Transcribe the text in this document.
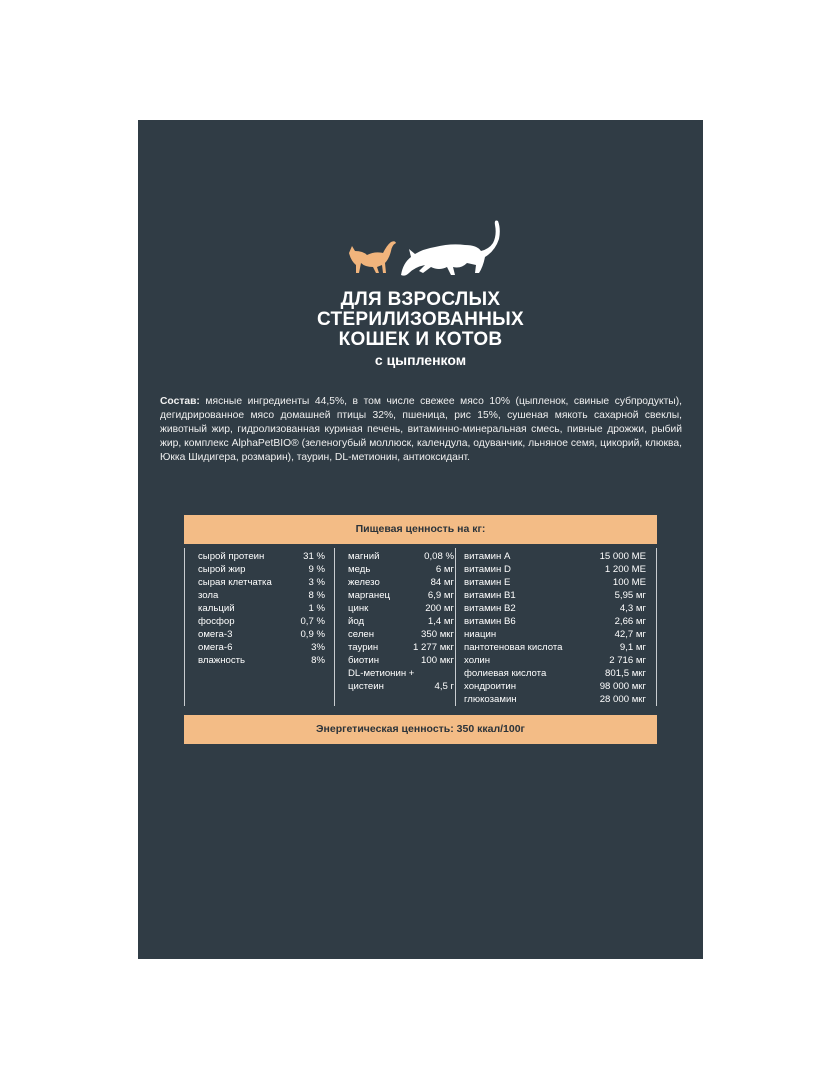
ДЛЯ ВЗРОСЛЫХ
СТЕРИЛИЗОВАННЫХ
КОШЕК И КОТОВ
с цыпленком
Состав: мясные ингредиенты 44,5%, в том числе свежее мясо 10% (цыпленок, свиные субпродукты), дегидрированное мясо домашней птицы 32%, пшеница, рис 15%, сушеная мякоть сахарной свеклы, животный жир, гидролизованная куриная печень, витаминно-минеральная смесь, пивные дрожжи, рыбий жир, комплекс AlphaPetBIO® (зеленогубый моллюск, календула, одуванчик, льняное семя, цикорий, клюква, Юкка Шидигера, розмарин), таурин, DL-метионин, антиоксидант.
Пищевая ценность на кг:
сырой протеин	31 %
сырой жир	9 %
сырая клетчатка	3 %
зола	8 %
кальций	1 %
фосфор	0,7 %
омега-3	0,9 %
омега-6	3%
влажность	8%
магний	0,08 %
медь	6 мг
железо	84 мг
марганец	6,9 мг
цинк	200 мг
йод	1,4 мг
селен	350 мкг
таурин	1 277 мкг
биотин	100 мкг
DL-метионин +
цистеин	4,5 г
витамин A	15 000 МЕ
витамин D	1 200 МЕ
витамин E	100 МЕ
витамин B1	5,95 мг
витамин B2	4,3 мг
витамин B6	2,66 мг
ниацин	42,7 мг
пантотеновая кислота	9,1 мг
холин	2 716 мг
фолиевая кислота	801,5 мкг
хондроитин	98 000 мкг
глюкозамин	28 000 мкг
Энергетическая ценность: 350 ккал/100г
